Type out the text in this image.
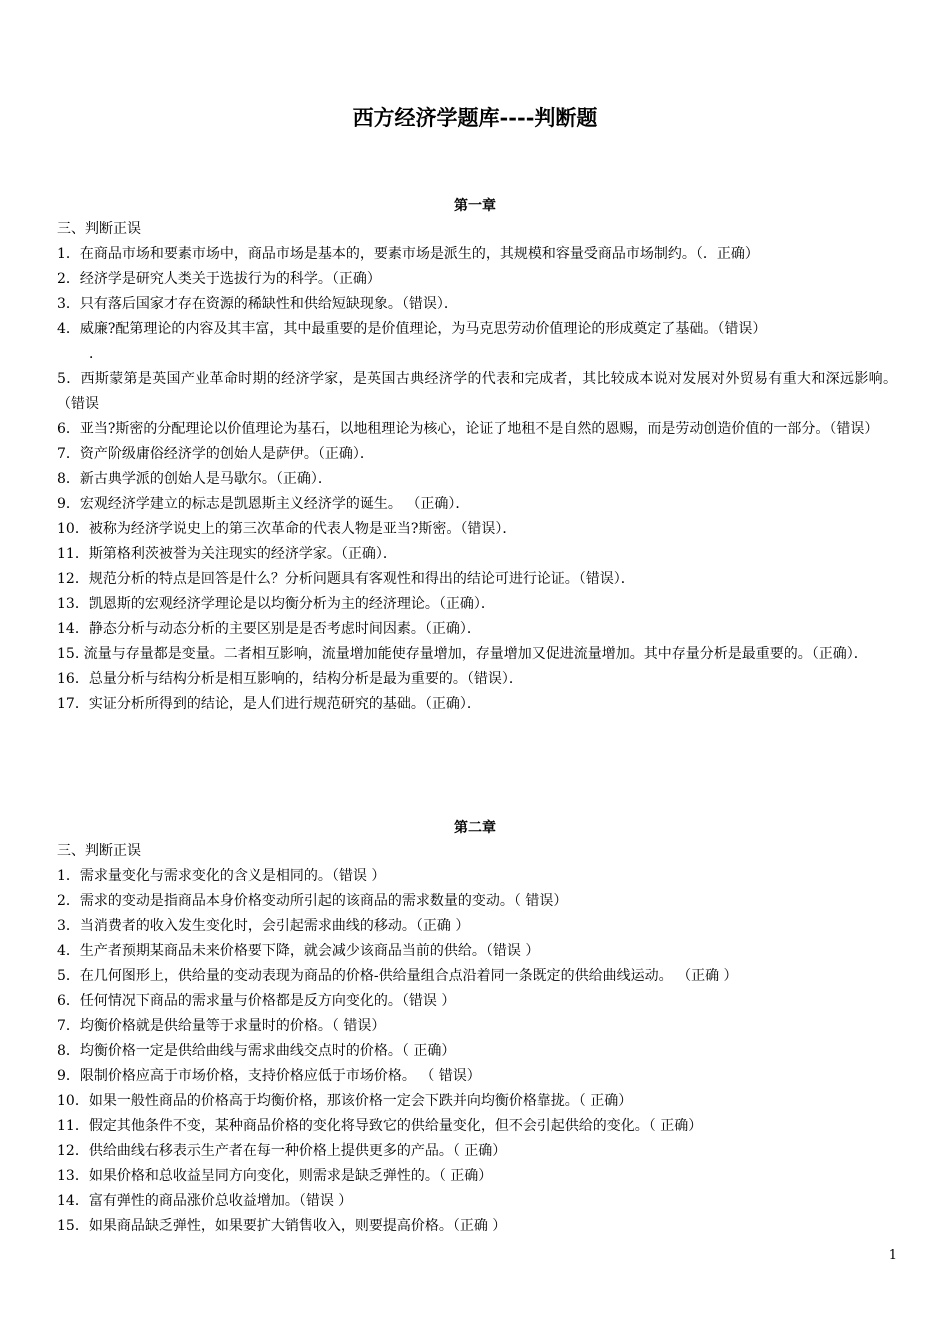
西方经济学题库----判断题
第一章
三、判断正误
1．在商品市场和要素市场中，商品市场是基本的，要素市场是派生的，其规模和容量受商品市场制约。（．正确）
2．经济学是研究人类关于选拔行为的科学。（正确）
3．只有落后国家才存在资源的稀缺性和供给短缺现象。（错误）．
4．威廉?配第理论的内容及其丰富，其中最重要的是价值理论，为马克思劳动价值理论的形成奠定了基础。（错误）
．
5．西斯蒙第是英国产业革命时期的经济学家，是英国古典经济学的代表和完成者，其比较成本说对发展对外贸易有重大和深远影响。 （错误
6．亚当?斯密的分配理论以价值理论为基石，以地租理论为核心，论证了地租不是自然的恩赐，而是劳动创造价值的一部分。（错误）
7．资产阶级庸俗经济学的创始人是萨伊。（正确）．
8．新古典学派的创始人是马歇尔。（正确）．
9．宏观经济学建立的标志是凯恩斯主义经济学的诞生。 （正确）．
10．被称为经济学说史上的第三次革命的代表人物是亚当?斯密。（错误）．
11．斯第格利茨被誉为关注现实的经济学家。（正确）．
12．规范分析的特点是回答是什么？分析问题具有客观性和得出的结论可进行论证。（错误）．
13．凯恩斯的宏观经济学理论是以均衡分析为主的经济理论。（正确）．
14．静态分析与动态分析的主要区别是是否考虑时间因素。（正确）．
15. 流量与存量都是变量。二者相互影响，流量增加能使存量增加，存量增加又促进流量增加。其中存量分析是最重要的。（正确）．
16．总量分析与结构分析是相互影响的，结构分析是最为重要的。（错误）．
17．实证分析所得到的结论，是人们进行规范研究的基础。（正确）．
第二章
三、判断正误
1．需求量变化与需求变化的含义是相同的。（错误 ）
2．需求的变动是指商品本身价格变动所引起的该商品的需求数量的变动。（ 错误）
3．当消费者的收入发生变化时，会引起需求曲线的移动。（正确 ）
4．生产者预期某商品未来价格要下降，就会减少该商品当前的供给。（错误 ）
5．在几何图形上，供给量的变动表现为商品的价格-供给量组合点沿着同一条既定的供给曲线运动。 （正确 ）
6．任何情况下商品的需求量与价格都是反方向变化的。（错误 ）
7．均衡价格就是供给量等于求量时的价格。（ 错误）
8．均衡价格一定是供给曲线与需求曲线交点时的价格。（ 正确）
9．限制价格应高于市场价格，支持价格应低于市场价格。 （ 错误）
10．如果一般性商品的价格高于均衡价格，那该价格一定会下跌并向均衡价格靠拢。（ 正确）
11．假定其他条件不变，某种商品价格的变化将导致它的供给量变化，但不会引起供给的变化。（ 正确）
12．供给曲线右移表示生产者在每一种价格上提供更多的产品。（ 正确）
13．如果价格和总收益呈同方向变化，则需求是缺乏弹性的。（ 正确）
14．富有弹性的商品涨价总收益增加。（错误 ）
15．如果商品缺乏弹性，如果要扩大销售收入，则要提高价格。（正确 ）
1
